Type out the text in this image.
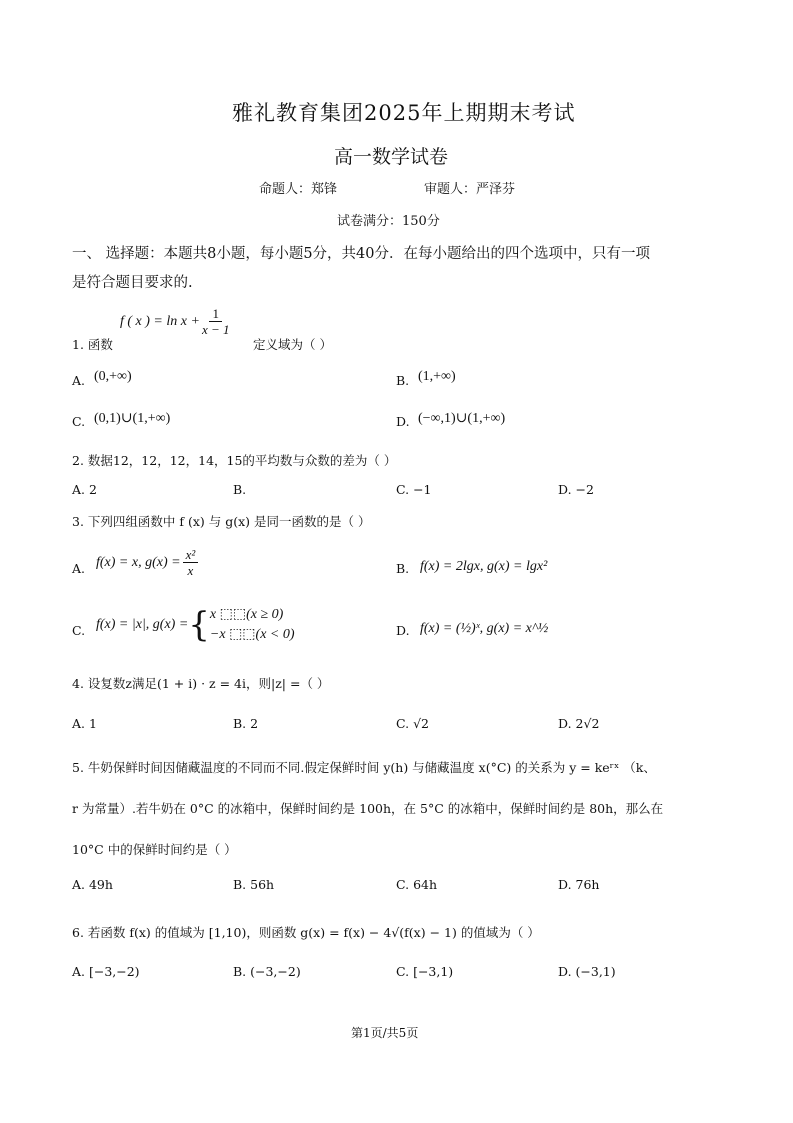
雅礼教育集团2025年上期期末考试
高一数学试卷
命题人：郑锋	审题人：严泽芬
试卷满分：150分
一、 选择题：本题共8小题，每小题5分，共40分．在每小题给出的四个选项中，只有一项
是符合题目要求的.
1. 函数
f ( x ) = $\ln x + \frac{1}{x - 1}$
定义域为（ ）
A. (0,+∞)	B. (1,+∞)
C. (0,1)∪(1,+∞)	D. (−∞,1)∪(1,+∞)
2. 数据12，12，12，14，15的平均数与众数的差为（ ）
A. 2	B.	C. −1	D. −2
3. 下列四组函数中 f (x) 与 g(x) 是同一函数的是（ ）
A. f(x) = x, $g(x) = \frac{\text{x²}}{x}$	B. f(x) = 2lgx, g(x) = lgx²
C. f(x) = |x|, g(x) = { x ⬚⬚(x ≥ 0)
−x ⬚⬚(x < 0)	D. f(x) = (½)ˣ, g(x) = x^½
4. 设复数z满足(1 + i) · z = 4i，则|z| =（ ）
A. 1	B. 2	C. √2	D. 2√2
5. 牛奶保鲜时间因储藏温度的不同而不同.假定保鲜时间 y(h) 与储藏温度 x(°C) 的关系为 y = keʳˣ （k、
r 为常量）.若牛奶在 0°C 的冰箱中，保鲜时间约是 100h，在 5°C 的冰箱中，保鲜时间约是 80h，那么在
10°C 中的保鲜时间约是（ ）
A. 49h	B. 56h	C. 64h	D. 76h
6. 若函数 f(x) 的值域为 [1,10)，则函数 g(x) = f(x) − 4√(f(x) − 1) 的值域为（ ）
A. [−3,−2)	B. (−3,−2)	C. [−3,1)	D. (−3,1)
第1页/共5页
